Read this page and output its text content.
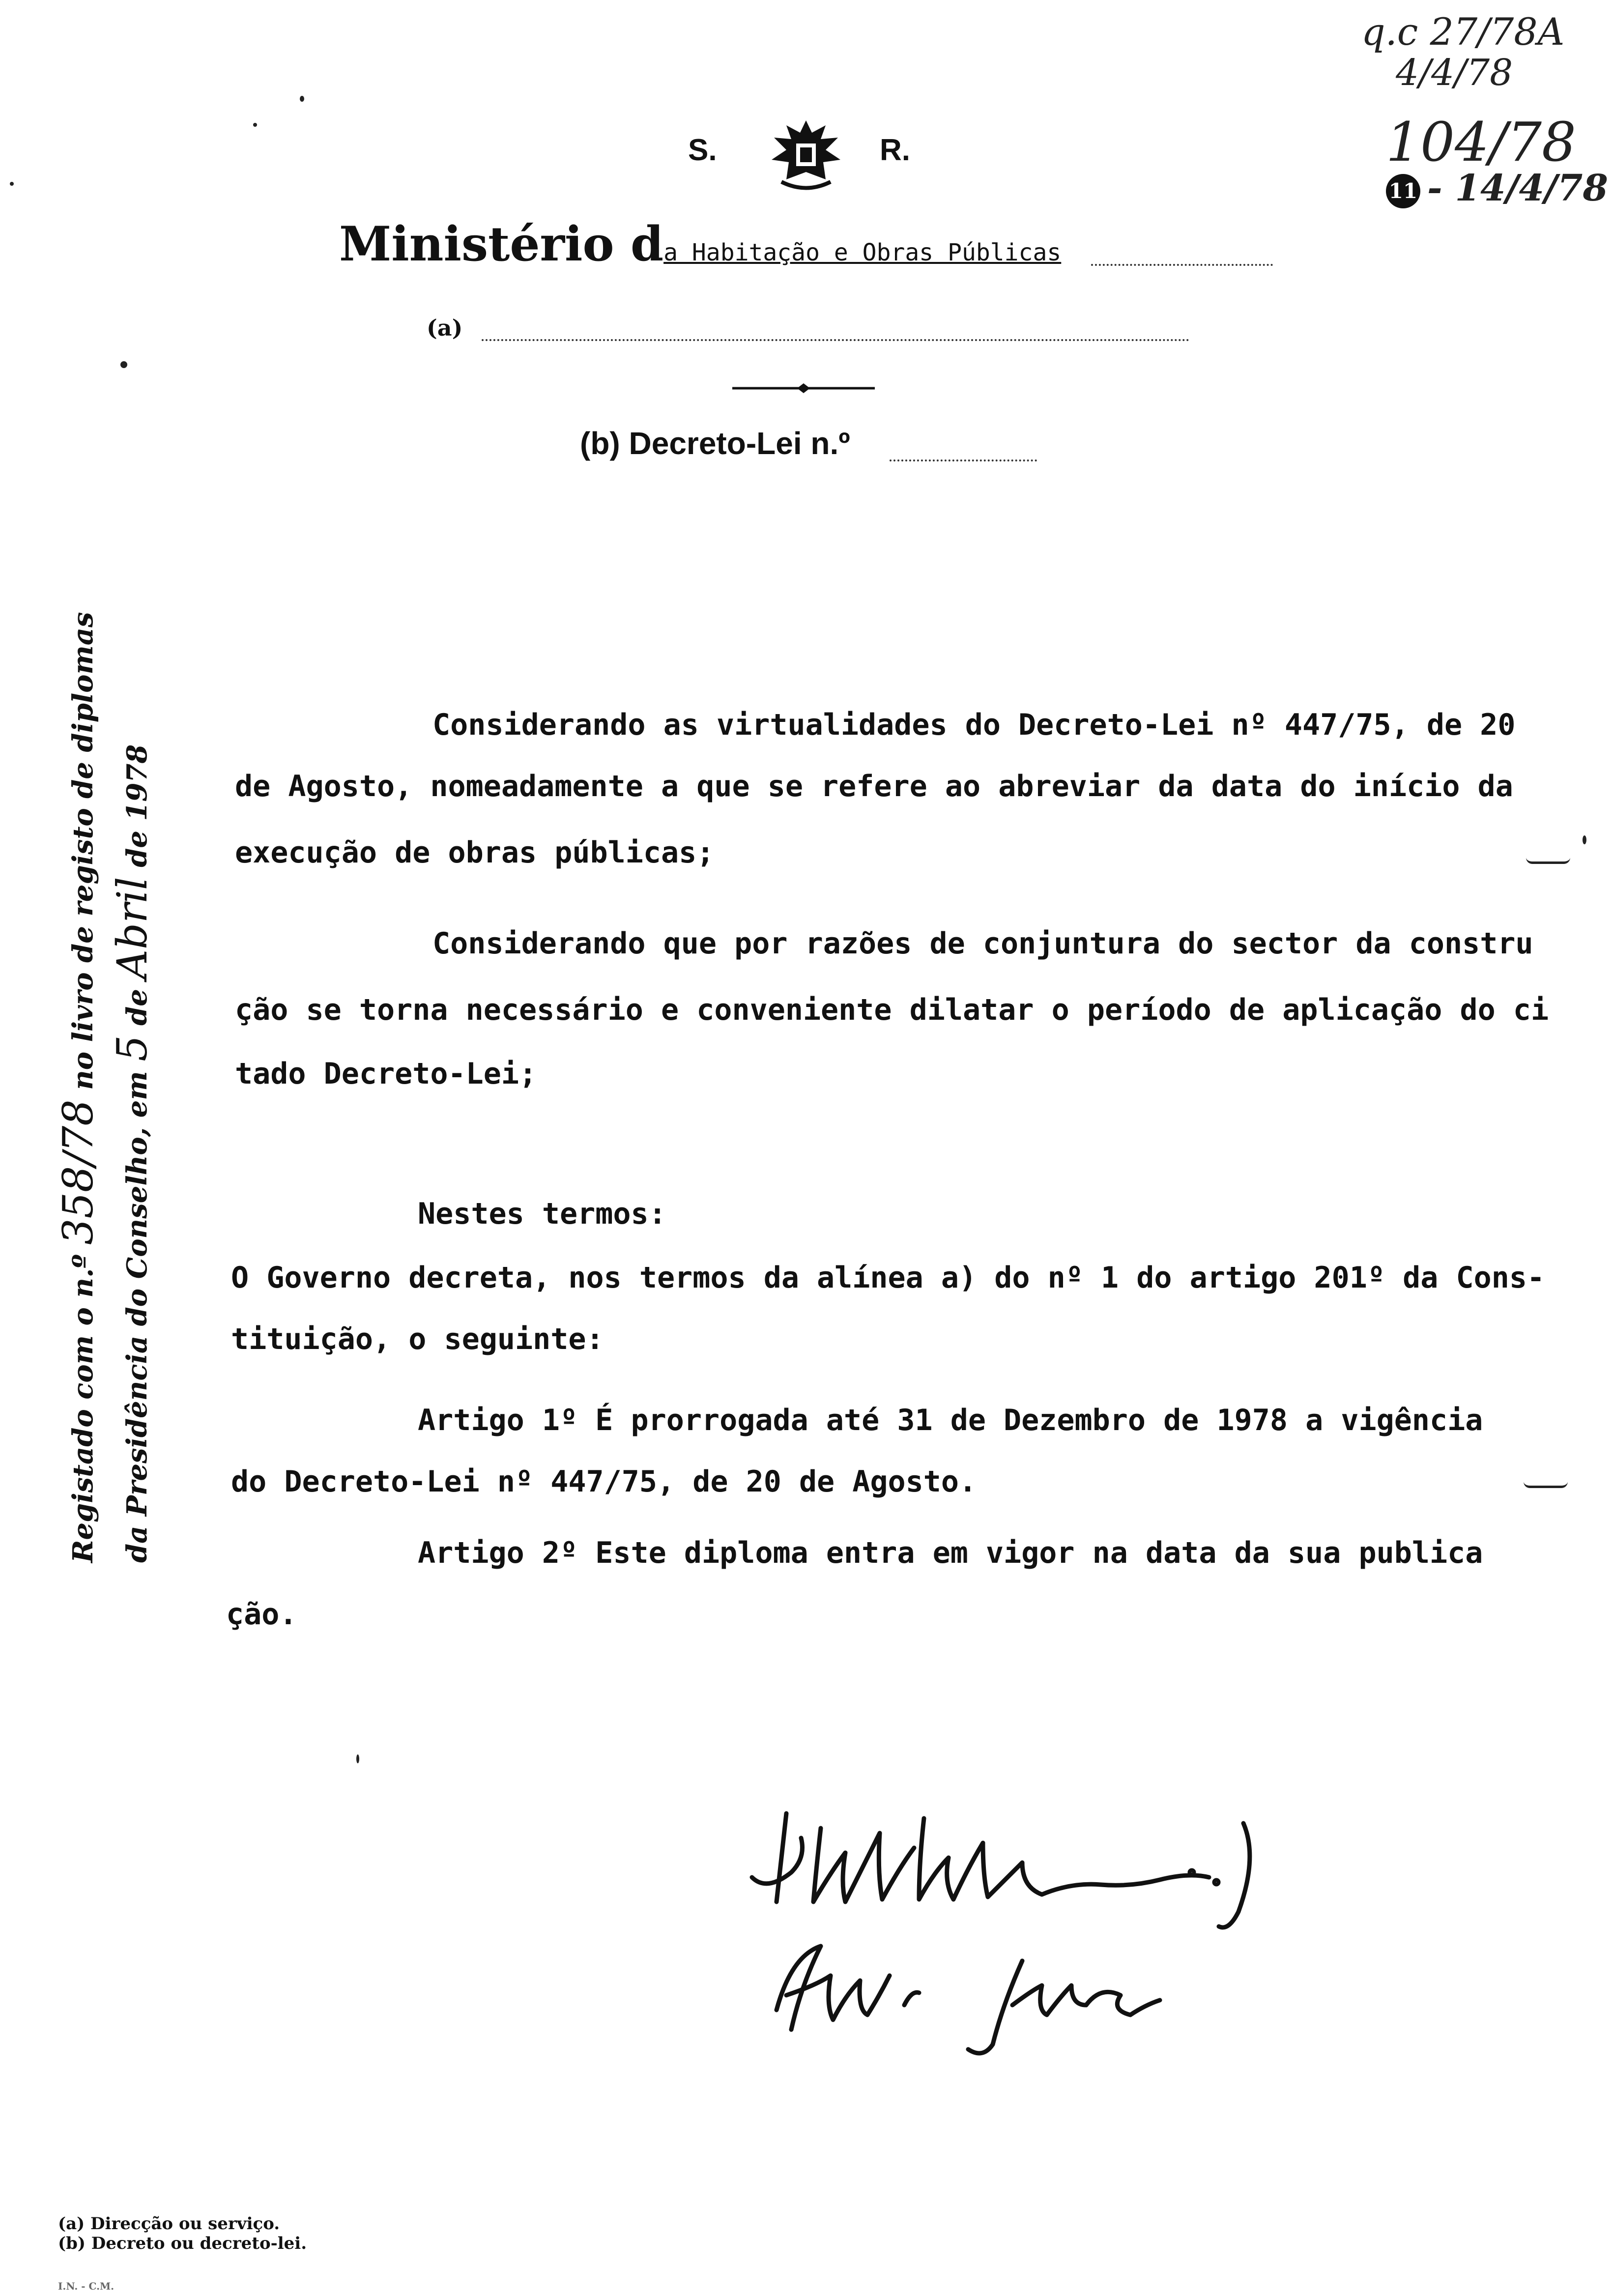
q.c 27/78A
4/4/78
104/78
11 - 14/4/78
S.	R.
Ministério da Habitação e Obras Públicas
(a)
(b) Decreto-Lei n.º
Registado com o n.º 358/78 no livro de registo de diplomas
da Presidência do Conselho, em 5 de Abril de 1978
Considerando as virtualidades do Decreto-Lei nº 447/75, de 20
de Agosto, nomeadamente a que se refere ao abreviar da data do início da
execução de obras públicas;
Considerando que por razões de conjuntura do sector da constru
ção se torna necessário e conveniente dilatar o período de aplicação do ci
tado Decreto-Lei;
Nestes termos:
O Governo decreta, nos termos da alínea a) do nº 1 do artigo 201º da Cons-
tituição, o seguinte:
Artigo 1º É prorrogada até 31 de Dezembro de 1978 a vigência
do Decreto-Lei nº 447/75, de 20 de Agosto.
Artigo 2º Este diploma entra em vigor na data da sua publica
ção.
(a) Direcção ou serviço.
(b) Decreto ou decreto-lei.
I.N. - C.M.
